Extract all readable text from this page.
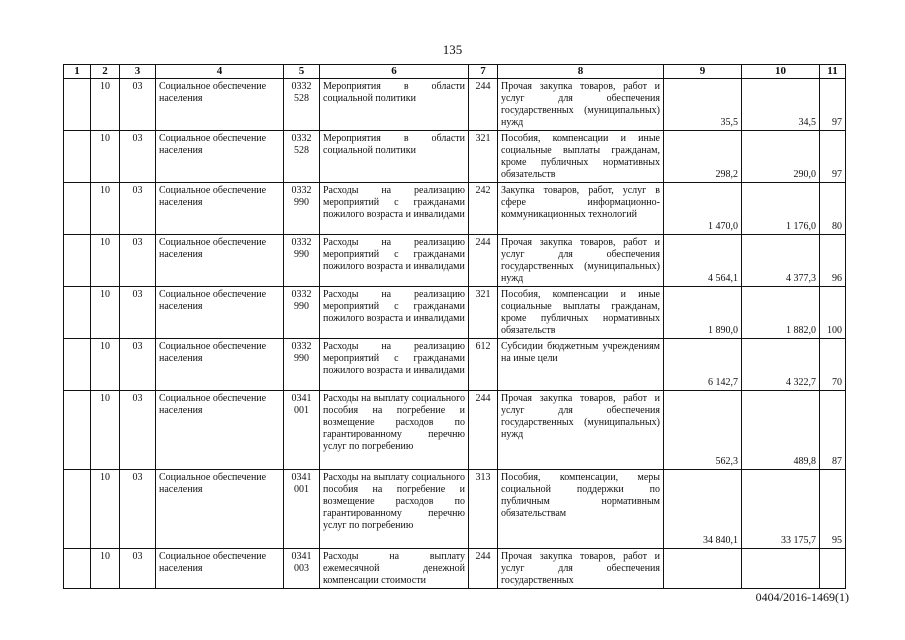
135
1	2	3	4	5	6	7	8	9	10	11
	10	03	Социальное обеспечение населения	0332 528	Мероприятия в области социальной политики	244	Прочая закупка товаров, работ и услуг для обеспечения государственных (муниципальных) нужд	35,5	34,5	97
	10	03	Социальное обеспечение населения	0332 528	Мероприятия в области социальной политики	321	Пособия, компенсации и иные социальные выплаты гражданам, кроме публичных нормативных обязательств	298,2	290,0	97
	10	03	Социальное обеспечение населения	0332 990	Расходы на реализацию мероприятий с гражданами пожилого возраста и инвалидами	242	Закупка товаров, работ, услуг в сфере информационно-коммуникационных технологий	1 470,0	1 176,0	80
	10	03	Социальное обеспечение населения	0332 990	Расходы на реализацию мероприятий с гражданами пожилого возраста и инвалидами	244	Прочая закупка товаров, работ и услуг для обеспечения государственных (муниципальных) нужд	4 564,1	4 377,3	96
	10	03	Социальное обеспечение населения	0332 990	Расходы на реализацию мероприятий с гражданами пожилого возраста и инвалидами	321	Пособия, компенсации и иные социальные выплаты гражданам, кроме публичных нормативных обязательств	1 890,0	1 882,0	100
	10	03	Социальное обеспечение населения	0332 990	Расходы на реализацию мероприятий с гражданами пожилого возраста и инвалидами	612	Субсидии бюджетным учреждениям на иные цели	6 142,7	4 322,7	70
	10	03	Социальное обеспечение населения	0341 001	Расходы на выплату социального пособия на погребение и возмещение расходов по гарантированному перечню услуг по погребению	244	Прочая закупка товаров, работ и услуг для обеспечения государственных (муниципальных) нужд	562,3	489,8	87
	10	03	Социальное обеспечение населения	0341 001	Расходы на выплату социального пособия на погребение и возмещение расходов по гарантированному перечню услуг по погребению	313	Пособия, компенсации, меры социальной поддержки по публичным нормативным обязательствам	34 840,1	33 175,7	95
	10	03	Социальное обеспечение населения	0341 003	Расходы на выплату ежемесячной денежной компенсации стоимости	244	Прочая закупка товаров, работ и услуг для обеспечения государственных			
0404/2016-1469(1)
